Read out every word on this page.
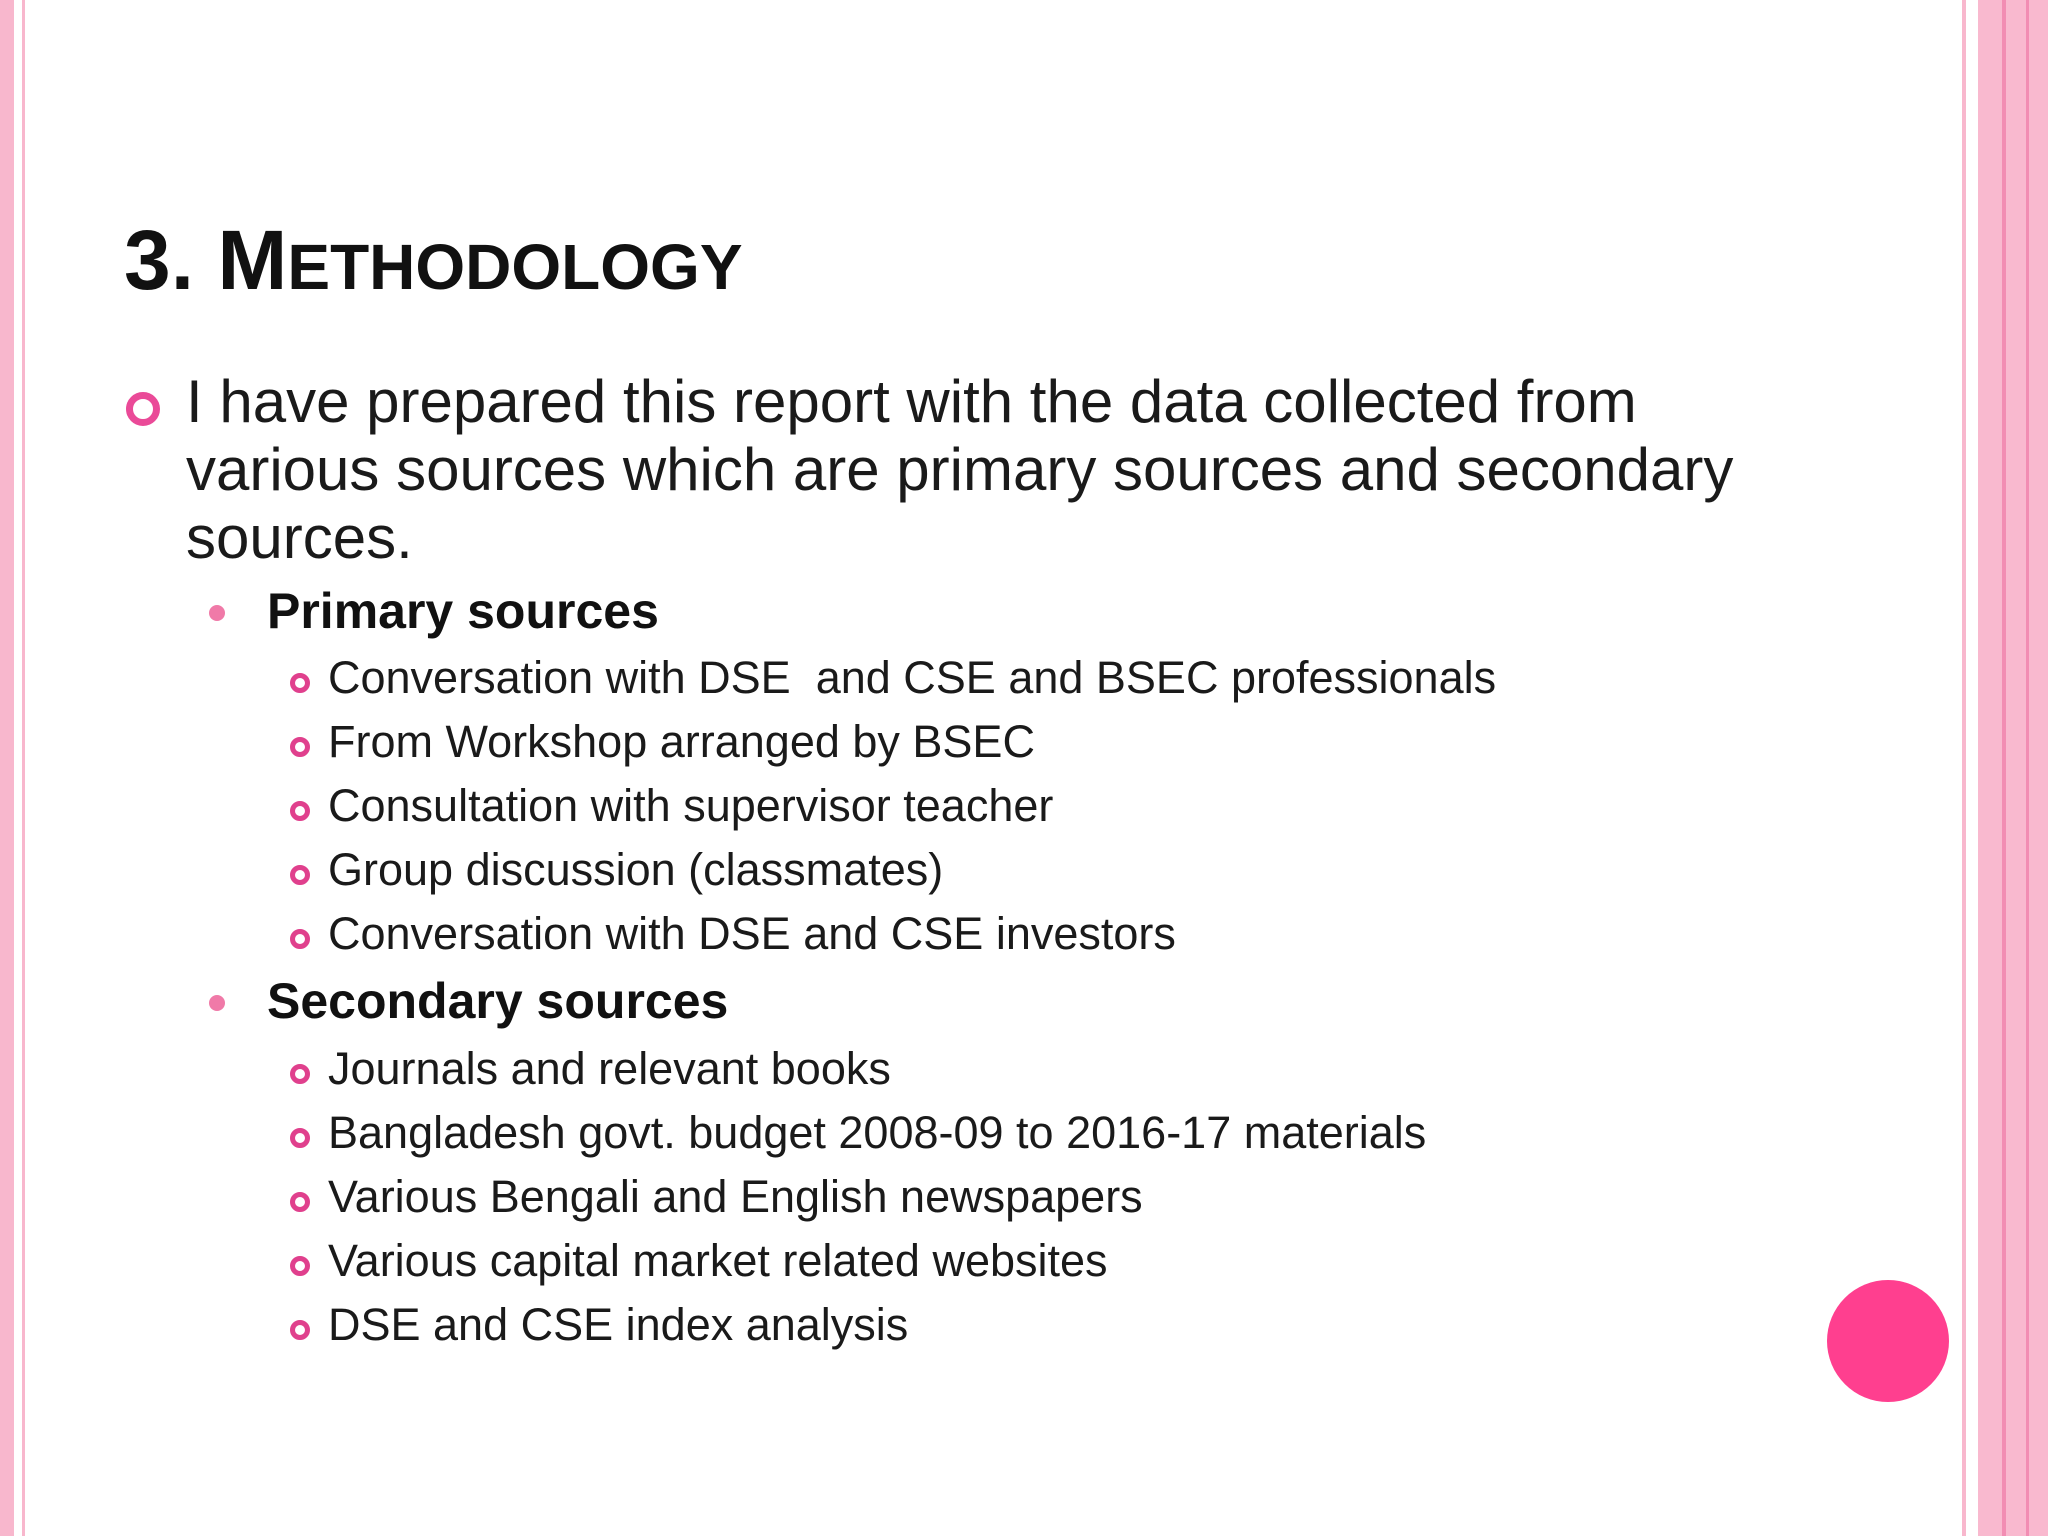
3. METHODOLOGY
I have prepared this report with the data collected from various sources which are primary sources and secondary sources.
Primary sources
Conversation with DSE  and CSE and BSEC professionals
From Workshop arranged by BSEC
Consultation with supervisor teacher
Group discussion (classmates)
Conversation with DSE and CSE investors
Secondary sources
Journals and relevant books
Bangladesh govt. budget 2008-09 to 2016-17 materials
Various Bengali and English newspapers
Various capital market related websites
DSE and CSE index analysis
